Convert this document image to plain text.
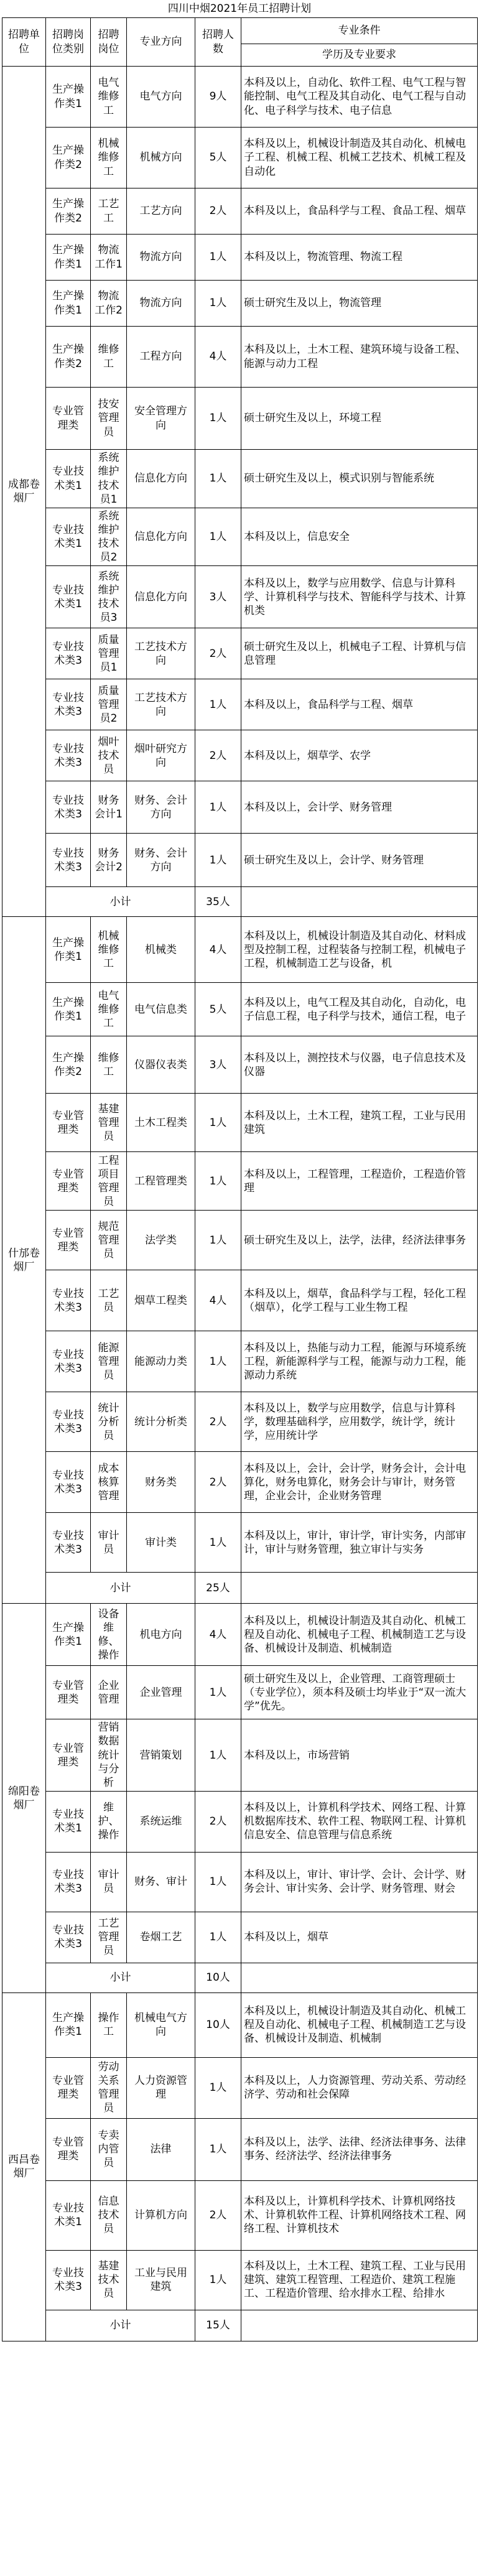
四川中烟2021年员工招聘计划
招聘单位	招聘岗位类别	招聘岗位	专业方向	招聘人数	专业条件
					学历及专业要求
成都卷烟厂	生产操作类1	电气维修工	电气方向	9人	本科及以上，自动化、软件工程、电气工程与智能控制、电气工程及其自动化、电气工程与自动化、电子科学与技术、电子信息
	生产操作类2	机械维修工	机械方向	5人	本科及以上，机械设计制造及其自动化、机械电子工程、机械工程、机械工艺技术、机械工程及自动化
	生产操作类2	工艺工	工艺方向	2人	本科及以上，食品科学与工程、食品工程、烟草
	生产操作类1	物流工作1	物流方向	1人	本科及以上，物流管理、物流工程
	生产操作类1	物流工作2	物流方向	1人	硕士研究生及以上，物流管理
	生产操作类2	维修工	工程方向	4人	本科及以上，土木工程、建筑环境与设备工程、能源与动力工程
	专业管理类	技安管理员	安全管理方向	1人	硕士研究生及以上，环境工程
	专业技术类1	系统维护技术员1	信息化方向	1人	硕士研究生及以上，模式识别与智能系统
	专业技术类1	系统维护技术员2	信息化方向	1人	本科及以上，信息安全
	专业技术类1	系统维护技术员3	信息化方向	3人	本科及以上，数学与应用数学、信息与计算科学、计算机科学与技术、智能科学与技术、计算机类
	专业技术类3	质量管理员1	工艺技术方向	2人	硕士研究生及以上，机械电子工程、计算机与信息管理
	专业技术类3	质量管理员2	工艺技术方向	1人	本科及以上，食品科学与工程、烟草
	专业技术类3	烟叶技术员	烟叶研究方向	2人	本科及以上，烟草学、农学
	专业技术类3	财务会计1	财务、会计方向	1人	本科及以上，会计学、财务管理
	专业技术类3	财务会计2	财务、会计方向	1人	硕士研究生及以上，会计学、财务管理
	小计			35人	
什邡卷烟厂	生产操作类1	机械维修工	机械类	4人	本科及以上，机械设计制造及其自动化、材料成型及控制工程，过程装备与控制工程，机械电子工程，机械制造工艺与设备，机
	生产操作类1	电气维修工	电气信息类	5人	本科及以上，电气工程及其自动化，自动化，电子信息工程，电子科学与技术，通信工程，电子
	生产操作类2	维修工	仪器仪表类	3人	本科及以上，测控技术与仪器，电子信息技术及仪器
	专业管理类	基建管理员	土木工程类	1人	本科及以上，土木工程，建筑工程，工业与民用建筑
	专业管理类	工程项目管理员	工程管理类	1人	本科及以上，工程管理，工程造价，工程造价管理
	专业管理类	规范管理员	法学类	1人	硕士研究生及以上，法学，法律，经济法律事务
	专业技术类3	工艺员	烟草工程类	4人	本科及以上，烟草，食品科学与工程，轻化工程（烟草），化学工程与工业生物工程
	专业技术类3	能源管理员	能源动力类	1人	本科及以上，热能与动力工程，能源与环境系统工程，新能源科学与工程，能源与动力工程，能源动力系统
	专业技术类3	统计分析员	统计分析类	2人	本科及以上，数学与应用数学，信息与计算科学，数理基础科学，应用数学，统计学，统计学，应用统计学
	专业技术类3	成本核算管理	财务类	2人	本科及以上，会计，会计学，财务会计，会计电算化，财务电算化，财务会计与审计，财务管理，企业会计，企业财务管理
	专业技术类3	审计员	审计类	1人	本科及以上，审计，审计学，审计实务，内部审计，审计与财务管理，独立审计与实务
	小计			25人	
绵阳卷烟厂	生产操作类1	设备维修、操作	机电方向	4人	本科及以上，机械设计制造及其自动化、机械工程及自动化、机械电子工程、机械制造工艺与设备、机械设计及制造、机械制造
	专业管理类	企业管理	企业管理	1人	硕士研究生及以上，企业管理、工商管理硕士（专业学位），须本科及硕士均毕业于“双一流大学”优先。
	专业管理类	营销数据统计与分析	营销策划	1人	本科及以上，市场营销
	专业技术类1	维护、操作	系统运维	2人	本科及以上，计算机科学技术、网络工程、计算机数据库技术、软件工程、物联网工程、计算机信息安全、信息管理与信息系统
	专业技术类3	审计员	财务、审计	1人	本科及以上，审计、审计学、会计、会计学、财务会计、审计实务、会计学、财务管理、财会
	专业技术类3	工艺管理员	卷烟工艺	1人	本科及以上，烟草
	小计			10人	
西昌卷烟厂	生产操作类1	操作工	机械电气方向	10人	本科及以上，机械设计制造及其自动化、机械工程及自动化、机械电子工程、机械制造工艺与设备、机械设计及制造、机械制
	专业管理类	劳动关系管理员	人力资源管理	1人	本科及以上，人力资源管理、劳动关系、劳动经济学、劳动和社会保障
	专业管理类	专卖内管员	法律	1人	本科及以上，法学、法律、经济法律事务、法律事务、经济法学、经济法律事务
	专业技术类1	信息技术员	计算机方向	2人	本科及以上，计算机科学技术、计算机网络技术、计算机软件工程、计算机网络技术工程、网络工程、计算机技术
	专业技术类3	基建技术员	工业与民用建筑	1人	本科及以上，土木工程、建筑工程、工业与民用建筑、建筑工程管理、工程造价、建筑工程施工、工程造价管理、给水排水工程、给排水
	小计			15人	
